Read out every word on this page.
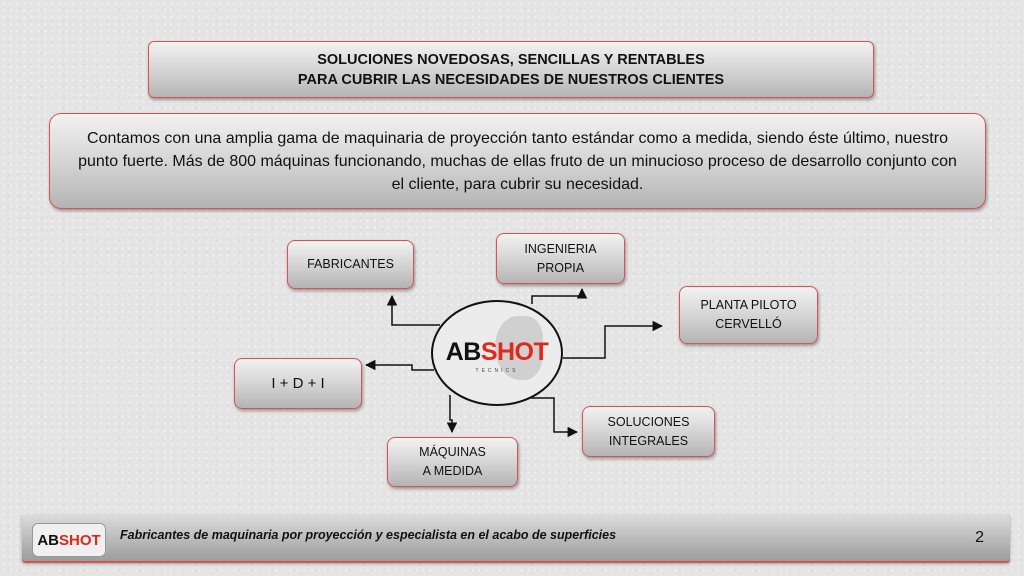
SOLUCIONES NOVEDOSAS, SENCILLAS Y RENTABLES
PARA CUBRIR LAS NECESIDADES DE NUESTROS CLIENTES
Contamos con una amplia gama de maquinaria de proyección tanto estándar como a medida, siendo éste último, nuestro punto fuerte. Más de 800 máquinas funcionando, muchas de ellas fruto de un minucioso proceso de desarrollo conjunto con el cliente, para cubrir su necesidad.
FABRICANTES
INGENIERIA
PROPIA
PLANTA PILOTO
CERVELLÓ
I + D + I
SOLUCIONES
INTEGRALES
MÁQUINAS
A MEDIDA
ABSHOT
TECNICS
AB SHOT Fabricantes de maquinaria por proyección y especialista en el acabo de superficies	2
